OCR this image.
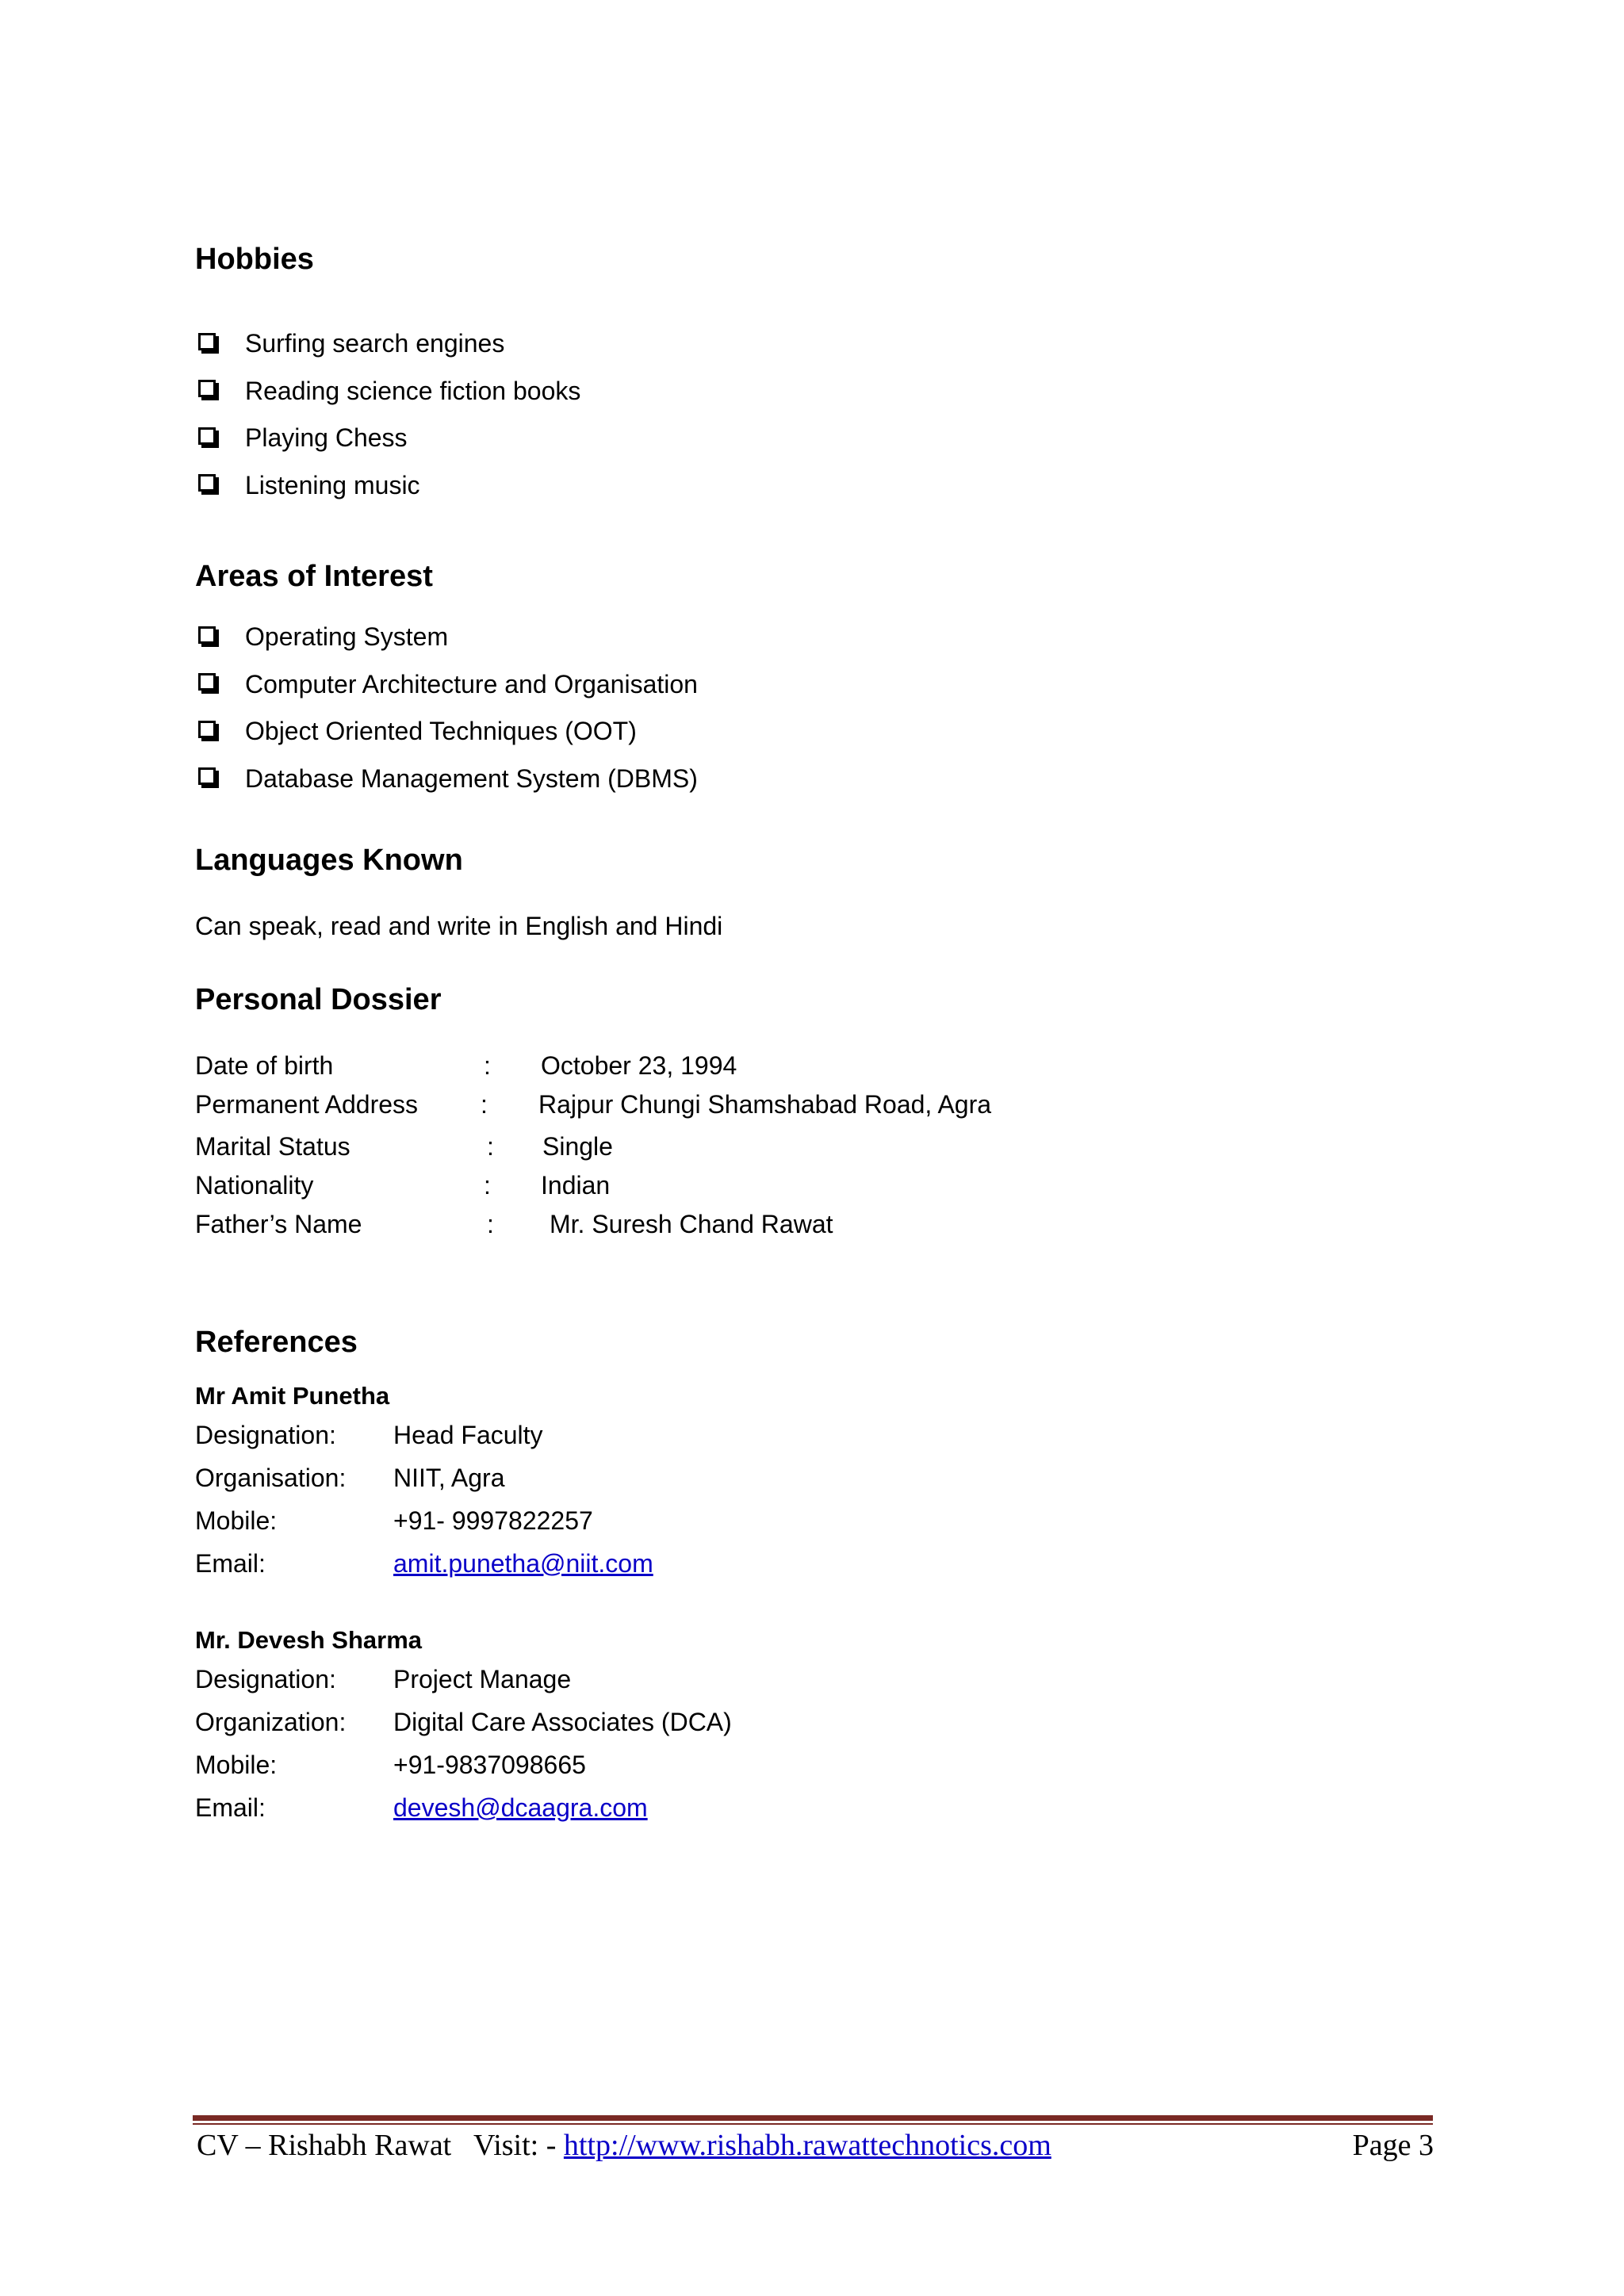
Hobbies
Surfing search engines
Reading science fiction books
Playing Chess
Listening music
Areas of Interest
Operating System
Computer Architecture and Organisation
Object Oriented Techniques (OOT)
Database Management System (DBMS)
Languages Known
Can speak, read and write in English and Hindi
Personal Dossier
Date of birth	: October 23, 1994
Permanent Address : Rajpur Chungi Shamshabad Road, Agra
Marital Status	: Single
Nationality	: Indian
Father’s Name	: Mr. Suresh Chand Rawat
References
Mr Amit Punetha
Designation: Head Faculty
Organisation: NIIT, Agra
Mobile:	+91- 9997822257
Email:	amit.punetha@niit.com
Mr. Devesh Sharma
Designation: Project Manage
Organization: Digital Care Associates (DCA)
Mobile:	+91-9837098665
Email:	devesh@dcaagra.com
CV – Rishabh Rawat   Visit: - http://www.rishabh.rawattechnotics.com	Page 3
